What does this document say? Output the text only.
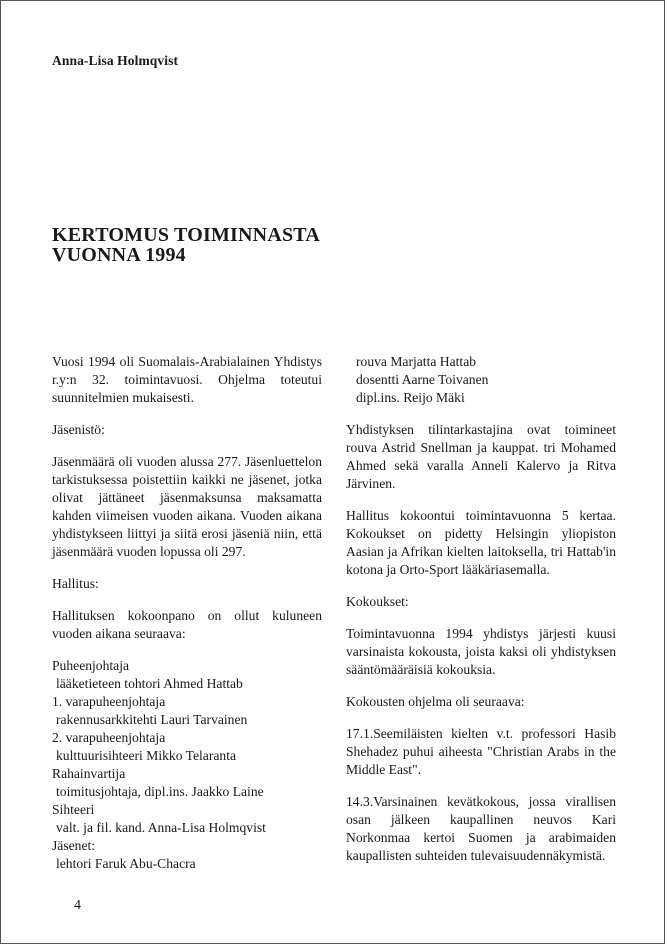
Anna-Lisa Holmqvist
KERTOMUS TOIMINNASTA
VUONNA 1994

Vuosi 1994 oli Suomalais-Arabialainen Yhdistys r.y:n 32. toimintavuosi. Ohjelma toteutui suunnitelmien mukaisesti.

Jäsenistö:

Jäsenmäärä oli vuoden alussa 277. Jäsenluettelon tarkistuksessa poistettiin kaikki ne jäsenet, jotka olivat jättäneet jäsenmaksunsa maksamatta kahden viimeisen vuoden aikana. Vuoden aikana yhdistykseen liittyi ja siitä erosi jäseniä niin, että jäsenmäärä vuoden lopussa oli 297.

Hallitus:

Hallituksen kokoonpano on ollut kuluneen vuoden aikana seuraava:

Puheenjohtaja
lääketieteen tohtori Ahmed Hattab
1. varapuheenjohtaja
rakennusarkkitehti Lauri Tarvainen
2. varapuheenjohtaja
kulttuurisihteeri Mikko Telaranta
Rahainvartija
toimitusjohtaja, dipl.ins. Jaakko Laine
Sihteeri
valt. ja fil. kand. Anna-Lisa Holmqvist
Jäsenet:
lehtori Faruk Abu-Chacra
rouva Marjatta Hattab
dosentti Aarne Toivanen
dipl.ins. Reijo Mäki

Yhdistyksen tilintarkastajina ovat toimineet rouva Astrid Snellman ja kauppat. tri Mohamed Ahmed sekä varalla Anneli Kalervo ja Ritva Järvinen.

Hallitus kokoontui toimintavuonna 5 kertaa. Kokoukset on pidetty Helsingin yliopiston Aasian ja Afrikan kielten laitoksella, tri Hattab'in kotona ja Orto-Sport lääkäriasemalla.

Kokoukset:

Toimintavuonna 1994 yhdistys järjesti kuusi varsinaista kokousta, joista kaksi oli yhdistyksen sääntömääräisiä kokouksia.

Kokousten ohjelma oli seuraava:

17.1.Seemiläisten kielten v.t. professori Hasib Shehadez puhui aiheesta "Christian Arabs in the Middle East".

14.3.Varsinainen kevätkokous, jossa virallisen osan jälkeen kaupallinen neuvos Kari Norkonmaa kertoi Suomen ja arabimaiden kaupallisten suhteiden tulevaisuudennäkymistä.

4
